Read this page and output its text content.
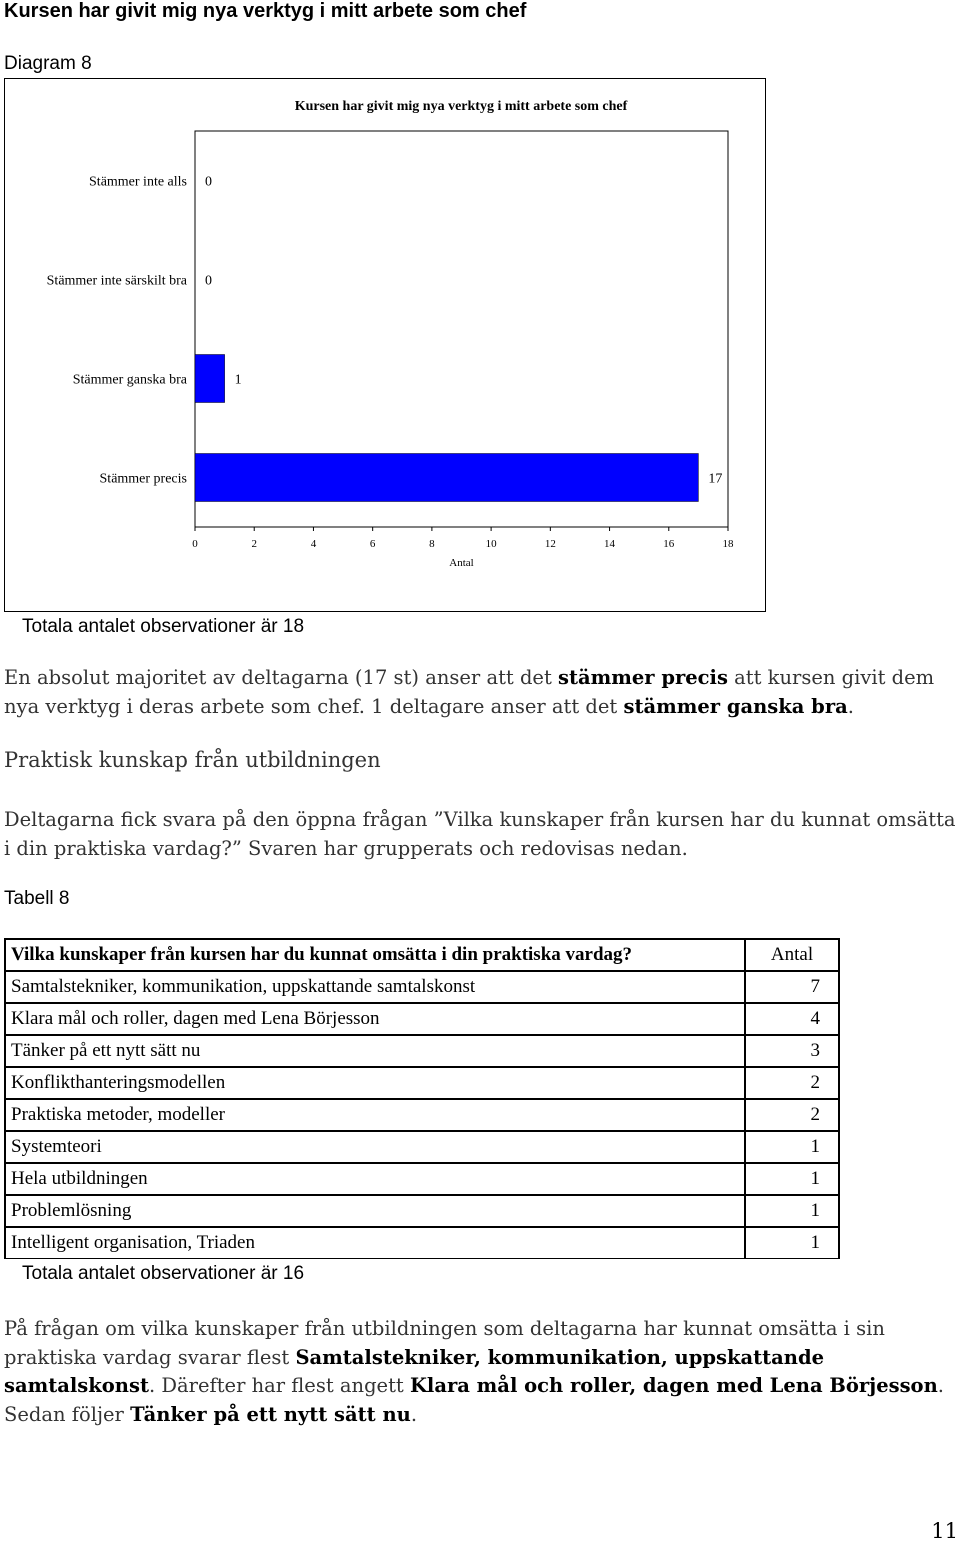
Kursen har givit mig nya verktyg i mitt arbete som chef
Diagram 8
Kursen har givit mig nya verktyg i mitt arbete som chef
Stämmer inte alls 0
Stämmer inte särskilt bra 0
Stämmer ganska bra	1
Stämmer precis	17
0	2	4	6	8	10	12	14	16	18
Antal
Totala antalet observationer är 18
En absolut majoritet av deltagarna (17 st) anser att det stämmer precis att kursen givit dem nya verktyg i deras arbete som chef. 1 deltagare anser att det stämmer ganska bra.
Praktisk kunskap från utbildningen
Deltagarna fick svara på den öppna frågan ”Vilka kunskaper från kursen har du kunnat omsätta i din praktiska vardag?” Svaren har grupperats och redovisas nedan.
Tabell 8
Vilka kunskaper från kursen har du kunnat omsätta i din praktiska vardag?	Antal
Samtalstekniker, kommunikation, uppskattande samtalskonst	7
Klara mål och roller, dagen med Lena Börjesson	4
Tänker på ett nytt sätt nu	3
Konflikthanteringsmodellen	2
Praktiska metoder, modeller	2
Systemteori	1
Hela utbildningen	1
Problemlösning	1
Intelligent organisation, Triaden	1
Totala antalet observationer är 16
På frågan om vilka kunskaper från utbildningen som deltagarna har kunnat omsätta i sin praktiska vardag svarar flest Samtalstekniker, kommunikation, uppskattande samtalskonst. Därefter har flest angett Klara mål och roller, dagen med Lena Börjesson. Sedan följer Tänker på ett nytt sätt nu.
11
